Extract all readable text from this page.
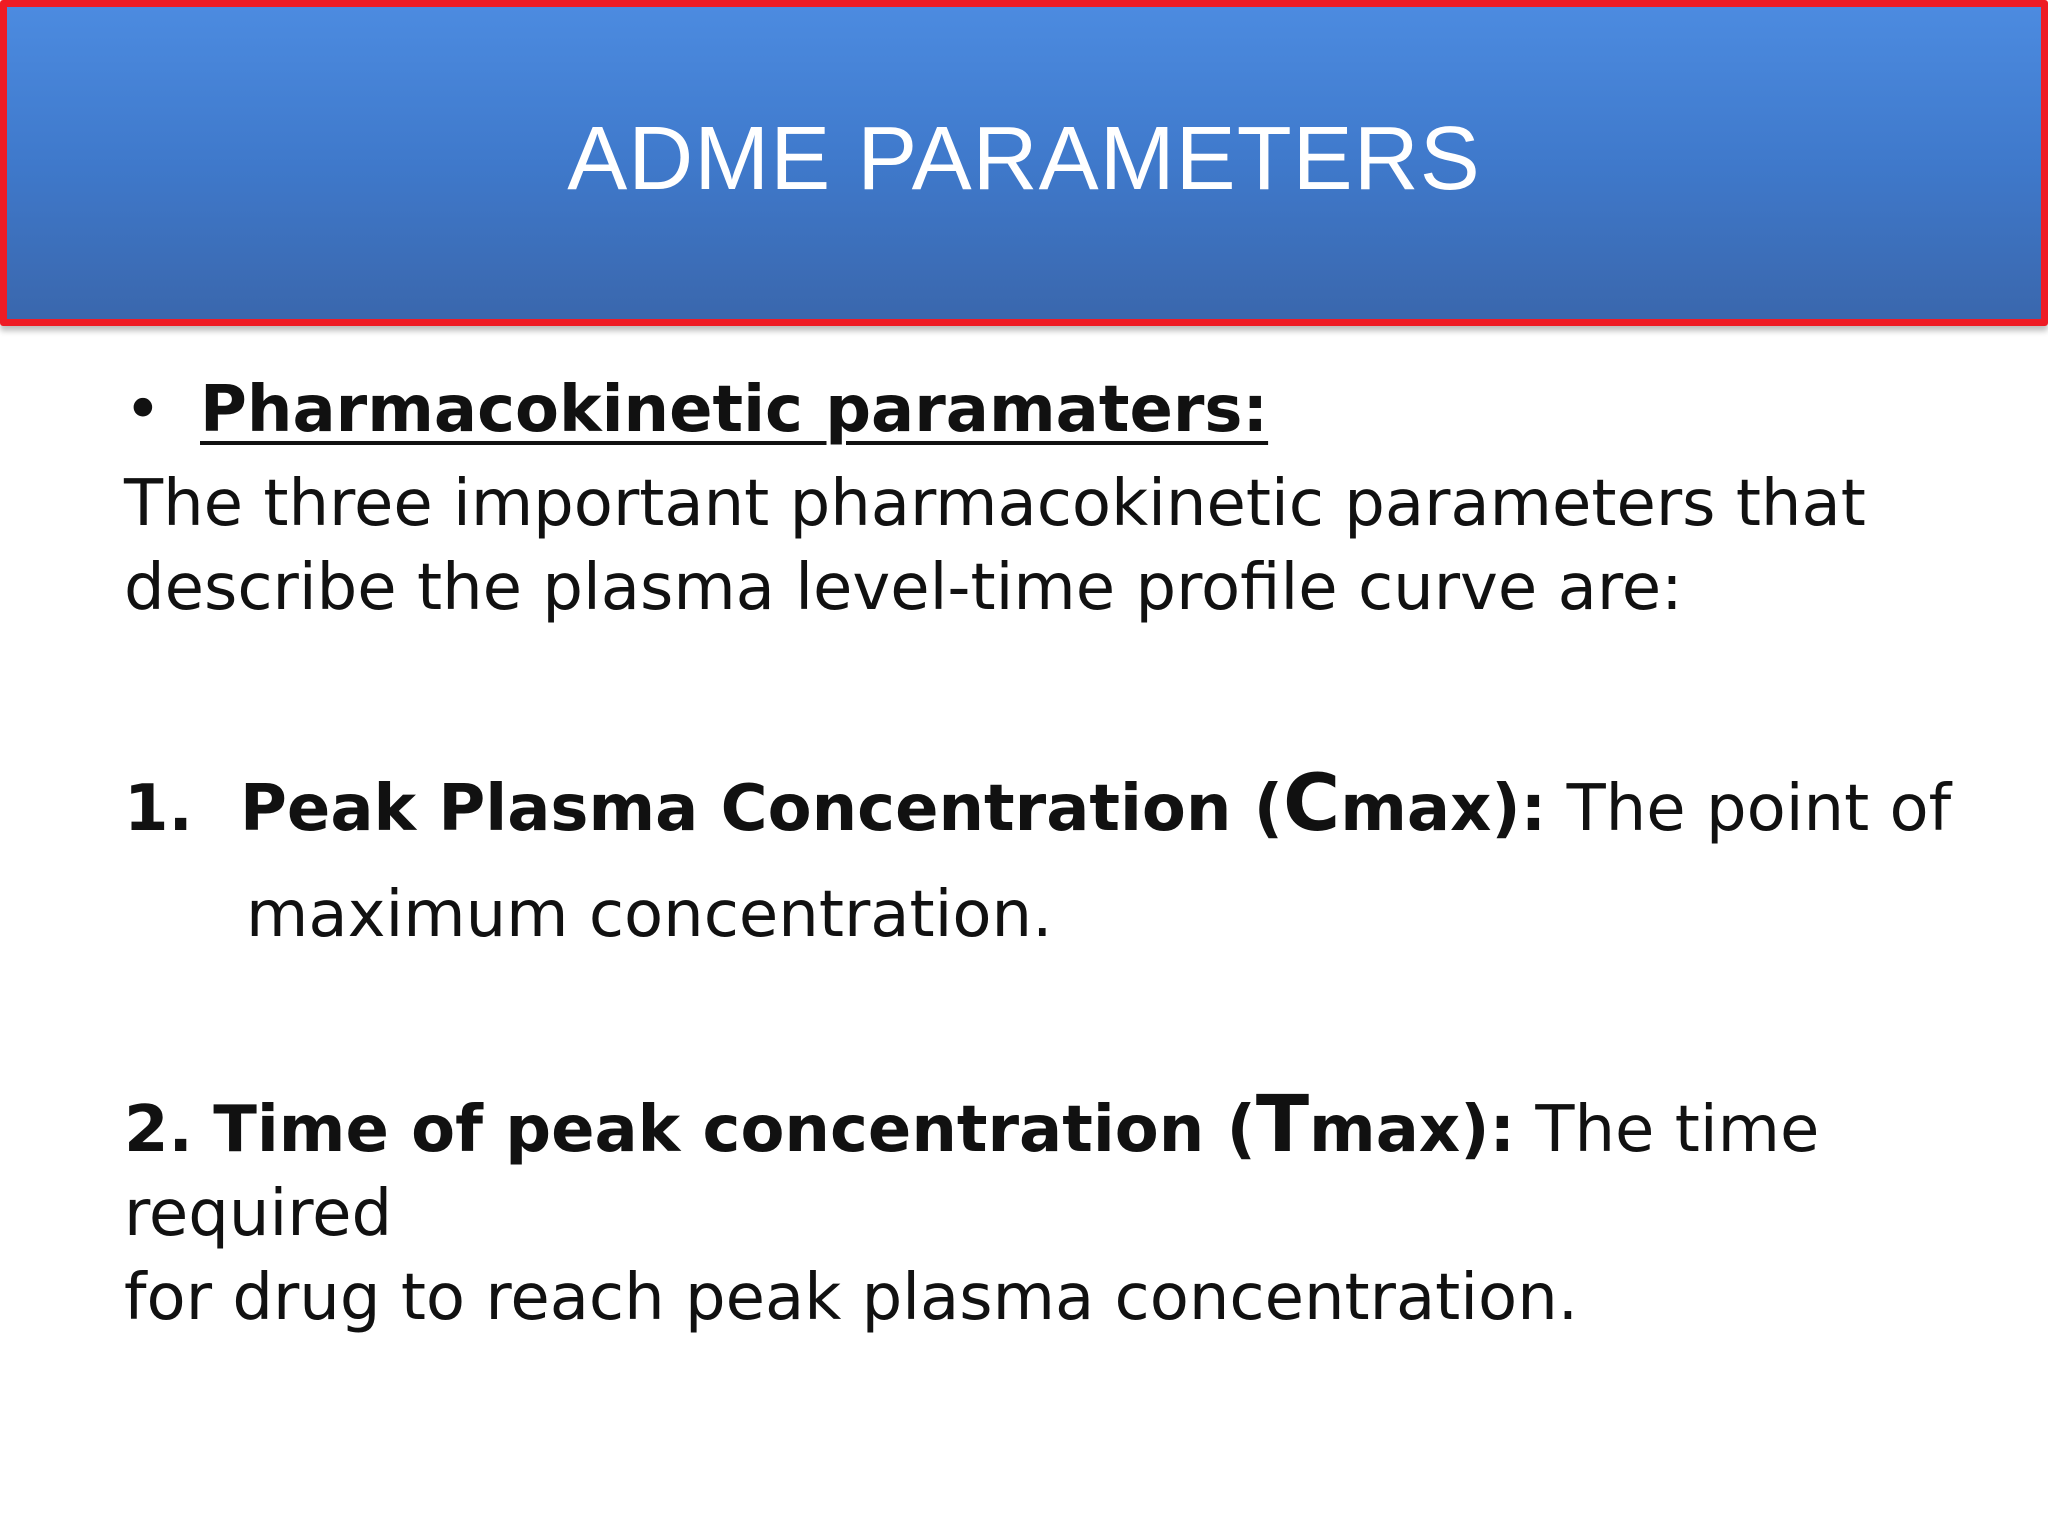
ADME PARAMETERS
• Pharmacokinetic paramaters:
The three important pharmacokinetic parameters that
describe the plasma level-time profile curve are:
1. Peak Plasma Concentration (Cmax): The point of
maximum concentration.
2. Time of peak concentration (Tmax): The time required
for drug to reach peak plasma concentration.
